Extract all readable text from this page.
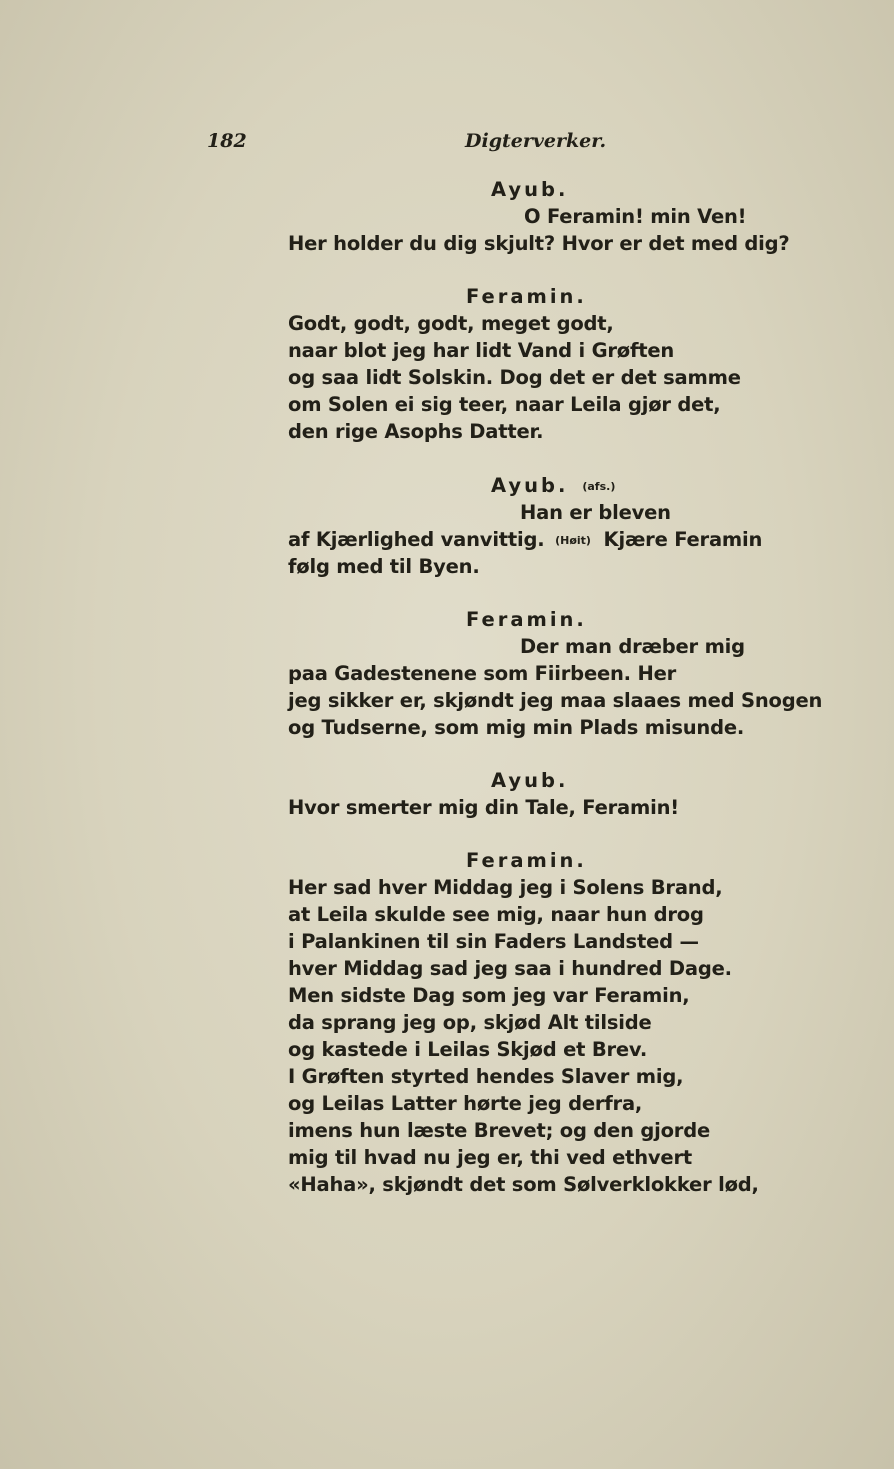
182	Digterverker.
Ayub.
O Feramin! min Ven!
Her holder du dig skjult? Hvor er det med dig?
Feramin.
Godt, godt, godt, meget godt,
naar blot jeg har lidt Vand i Grøften
og saa lidt Solskin. Dog det er det samme
om Solen ei sig teer, naar Leila gjør det,
den rige Asophs Datter.
Ayub. (afs.)
Han er bleven
af Kjærlighed vanvittig. (Høit) Kjære Feramin
følg med til Byen.
Feramin.
Der man dræber mig
paa Gadestenene som Fiirbeen. Her
jeg sikker er, skjøndt jeg maa slaaes med Snogen
og Tudserne, som mig min Plads misunde.
Ayub.
Hvor smerter mig din Tale, Feramin!
Feramin.
Her sad hver Middag jeg i Solens Brand,
at Leila skulde see mig, naar hun drog
i Palankinen til sin Faders Landsted —
hver Middag sad jeg saa i hundred Dage.
Men sidste Dag som jeg var Feramin,
da sprang jeg op, skjød Alt tilside
og kastede i Leilas Skjød et Brev.
I Grøften styrted hendes Slaver mig,
og Leilas Latter hørte jeg derfra,
imens hun læste Brevet; og den gjorde
mig til hvad nu jeg er, thi ved ethvert
«Haha», skjøndt det som Sølverklokker lød,
